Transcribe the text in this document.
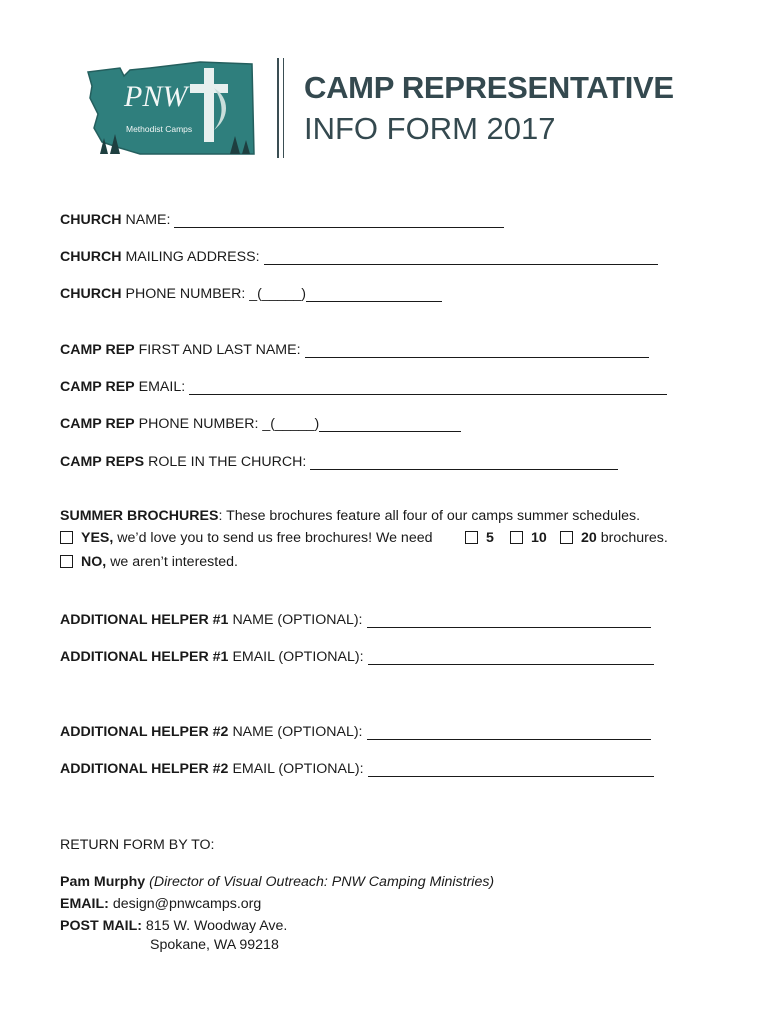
PNW
Methodist Camps
CAMP REPRESENTATIVE
INFO FORM 2017
CHURCH NAME:
CHURCH MAILING ADDRESS:
CHURCH PHONE NUMBER: _( _____)
CAMP REP FIRST AND LAST NAME:
CAMP REP EMAIL:
CAMP REP PHONE NUMBER: _( _____)
CAMP REPS ROLE IN THE CHURCH:
SUMMER BROCHURES: These brochures feature all four of our camps summer schedules.
YES, we’d love you to send us free brochures! We need	5	10	20 brochures.
NO, we aren’t interested.
ADDITIONAL HELPER #1 NAME (OPTIONAL):
ADDITIONAL HELPER #1 EMAIL (OPTIONAL):
ADDITIONAL HELPER #2 NAME (OPTIONAL):
ADDITIONAL HELPER #2 EMAIL (OPTIONAL):
RETURN FORM BY TO:
Pam Murphy (Director of Visual Outreach: PNW Camping Ministries)
EMAIL: design@pnwcamps.org
POST MAIL: 815 W. Woodway Ave.
Spokane, WA 99218
